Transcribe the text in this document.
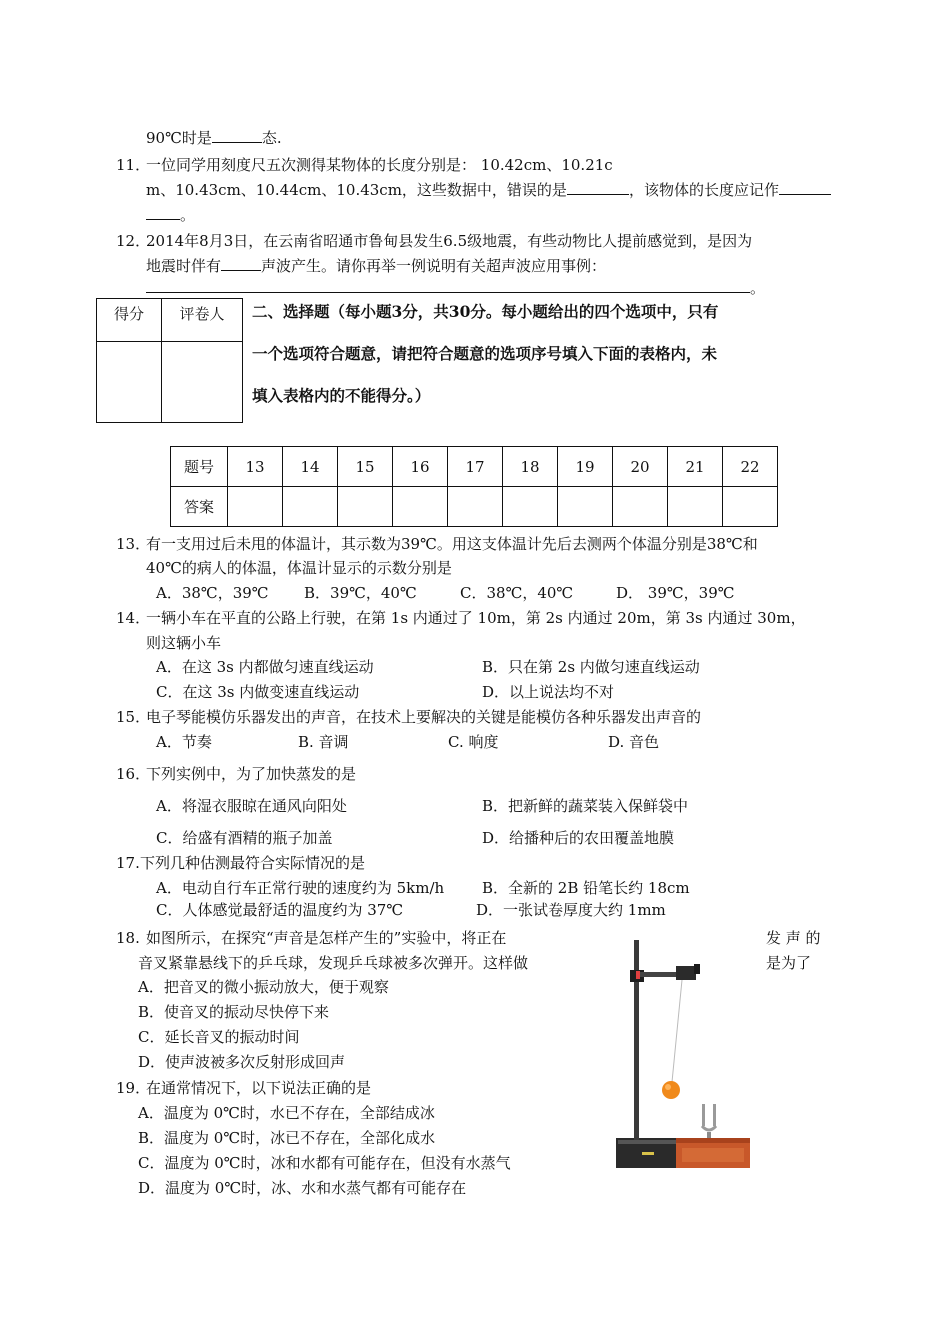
90℃时是	态.
11．
一位同学用刻度尺五次测得某物体的长度分别是： 10.42cm、10.21c
m、10.43cm、10.44cm、10.43cm，这些数据中，错误的是	，该物体的长度应记作
。
12．
2014年8月3日，在云南省昭通市鲁甸县发生6.5级地震，有些动物比人提前感觉到，是因为
地震时伴有	声波产生。请你再举一例说明有关超声波应用事例：
。
得分	评卷人
	二、选择题（每小题3分，共30分。每小题给出的四个选项中，只有
一个选项符合题意，请把符合题意的选项序号填入下面的表格内，未
填入表格内的不能得分。）
题号	13	14	15	16	17	18	19	20	21	22
答案										
13．
有一支用过后未甩的体温计，其示数为39℃。用这支体温计先后去测两个体温分别是38℃和
40℃的病人的体温，体温计显示的示数分别是
A．38℃，39℃ B．39℃，40℃	C．38℃，40℃	D． 39℃，39℃
14．
一辆小车在平直的公路上行驶，在第 1s 内通过了 10m，第 2s 内通过 20m，第 3s 内通过 30m，
则这辆小车
A．在这 3s 内都做匀速直线运动	B．只在第 2s 内做匀速直线运动
C．在这 3s 内做变速直线运动	D．以上说法均不对
15．
电子琴能模仿乐器发出的声音，在技术上要解决的关键是能模仿各种乐器发出声音的
A．节奏	B. 音调	C. 响度	D. 音色
16．
下列实例中，为了加快蒸发的是
A．将湿衣服晾在通风向阳处	B．把新鲜的蔬菜装入保鲜袋中
C．给盛有酒精的瓶子加盖	D．给播种后的农田覆盖地膜
17. 下列几种估测最符合实际情况的是
A．电动自行车正常行驶的速度约为 5km/h	B．全新的 2B 铅笔长约 18cm
C．人体感觉最舒适的温度约为 37℃	D．一张试卷厚度大约 1mm
18. 如图所示，在探究“声音是怎样产生的”实验中，将正在	发 声 的
音叉紧靠悬线下的乒乓球，发现乒乓球被多次弹开。这样做	是为了
A．把音叉的微小振动放大，便于观察
B．使音叉的振动尽快停下来
C．延长音叉的振动时间
D．使声波被多次反射形成回声
19．
在通常情况下，以下说法正确的是
A．温度为 0℃时，水已不存在，全部结成冰
B．温度为 0℃时，冰已不存在，全部化成水
C．温度为 0℃时，冰和水都有可能存在，但没有水蒸气
D．温度为 0℃时，冰、水和水蒸气都有可能存在
